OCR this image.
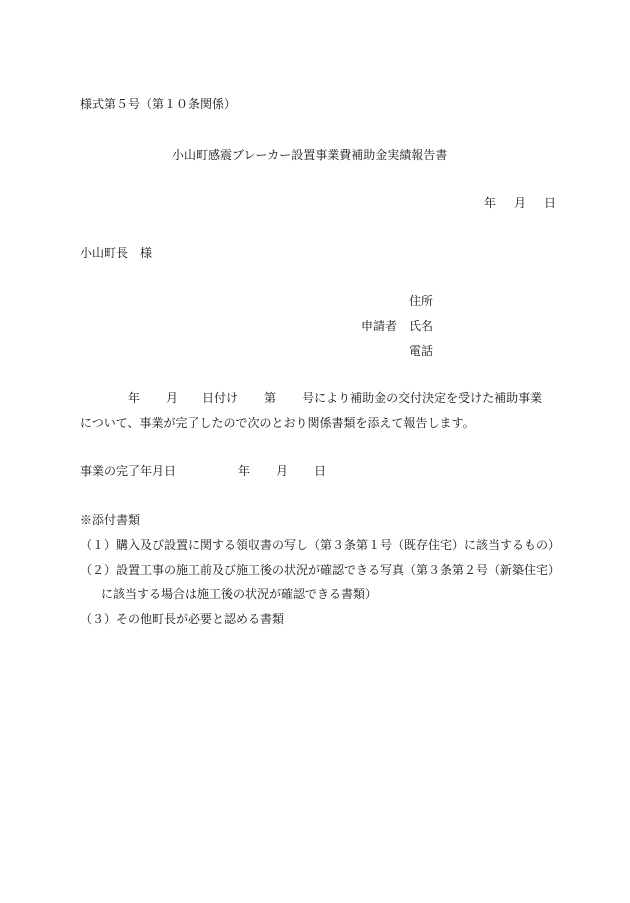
様式第５号（第１０条関係）
小山町感震ブレーカー設置事業費補助金実績報告書
年 月 日
小山町長　様
申請者
住所
氏名
電話
年 月 日付け 第 号により補助金の交付決定を受けた補助事業
について、事業が完了したので次のとおり関係書類を添えて報告します。
事業の完了年月日	年 月 日
※添付書類
（１）購入及び設置に関する領収書の写し（第３条第１号（既存住宅）に該当するもの）
（２）設置工事の施工前及び施工後の状況が確認できる写真（第３条第２号（新築住宅）
に該当する場合は施工後の状況が確認できる書類）
（３）その他町長が必要と認める書類
